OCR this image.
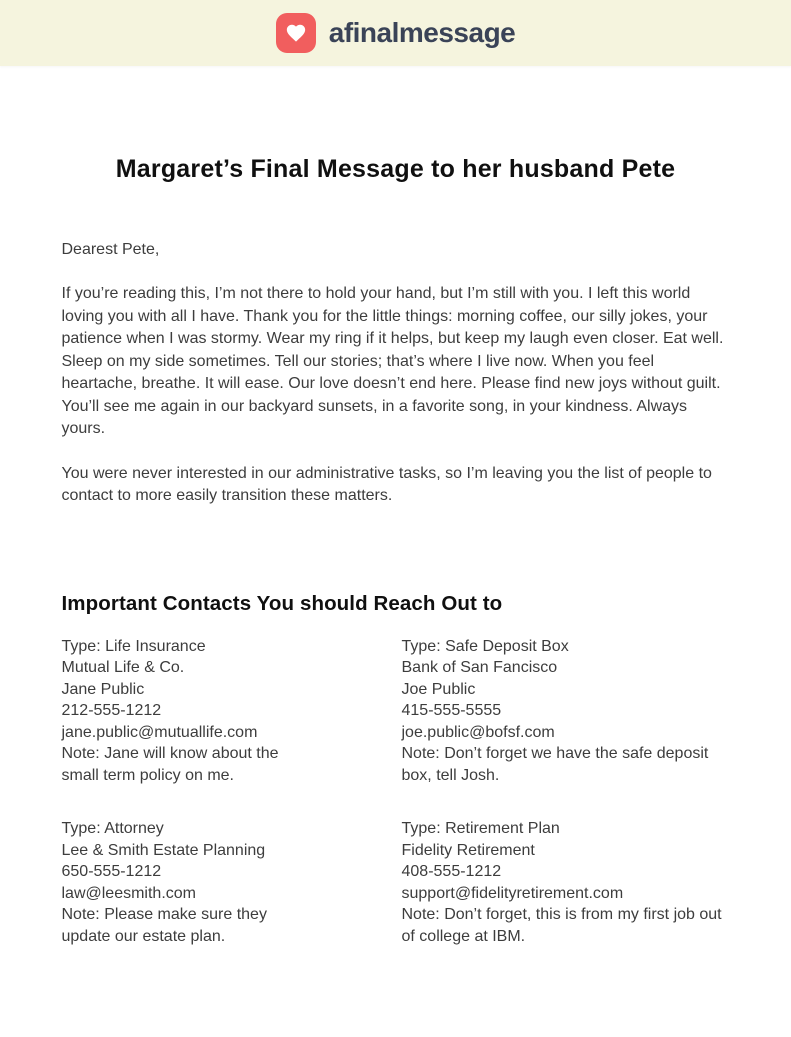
afinalmessage
Margaret’s Final Message to her husband Pete

Dearest Pete,

If you’re reading this, I’m not there to hold your hand, but I’m still with you. I left this world loving you with all I have. Thank you for the little things: morning coffee, our silly jokes, your patience when I was stormy. Wear my ring if it helps, but keep my laugh even closer. Eat well. Sleep on my side sometimes. Tell our stories; that’s where I live now. When you feel heartache, breathe. It will ease. Our love doesn’t end here. Please find new joys without guilt. You’ll see me again in our backyard sunsets, in a favorite song, in your kindness. Always yours.

You were never interested in our administrative tasks, so I’m leaving you the list of people to contact to more easily transition these matters.

Important Contacts You should Reach Out to
Type: Life Insurance
Mutual Life & Co.
Jane Public
212-555-1212
jane.public@mutuallife.com
Note: Jane will know about the small term policy on me.
Type: Safe Deposit Box
Bank of San Fancisco
Joe Public
415-555-5555
joe.public@bofsf.com
Note: Don’t forget we have the safe deposit box, tell Josh.
Type: Attorney
Lee & Smith Estate Planning
650-555-1212
law@leesmith.com
Note: Please make sure they update our estate plan.
Type: Retirement Plan
Fidelity Retirement
408-555-1212
support@fidelityretirement.com
Note: Don’t forget, this is from my first job out of college at IBM.
